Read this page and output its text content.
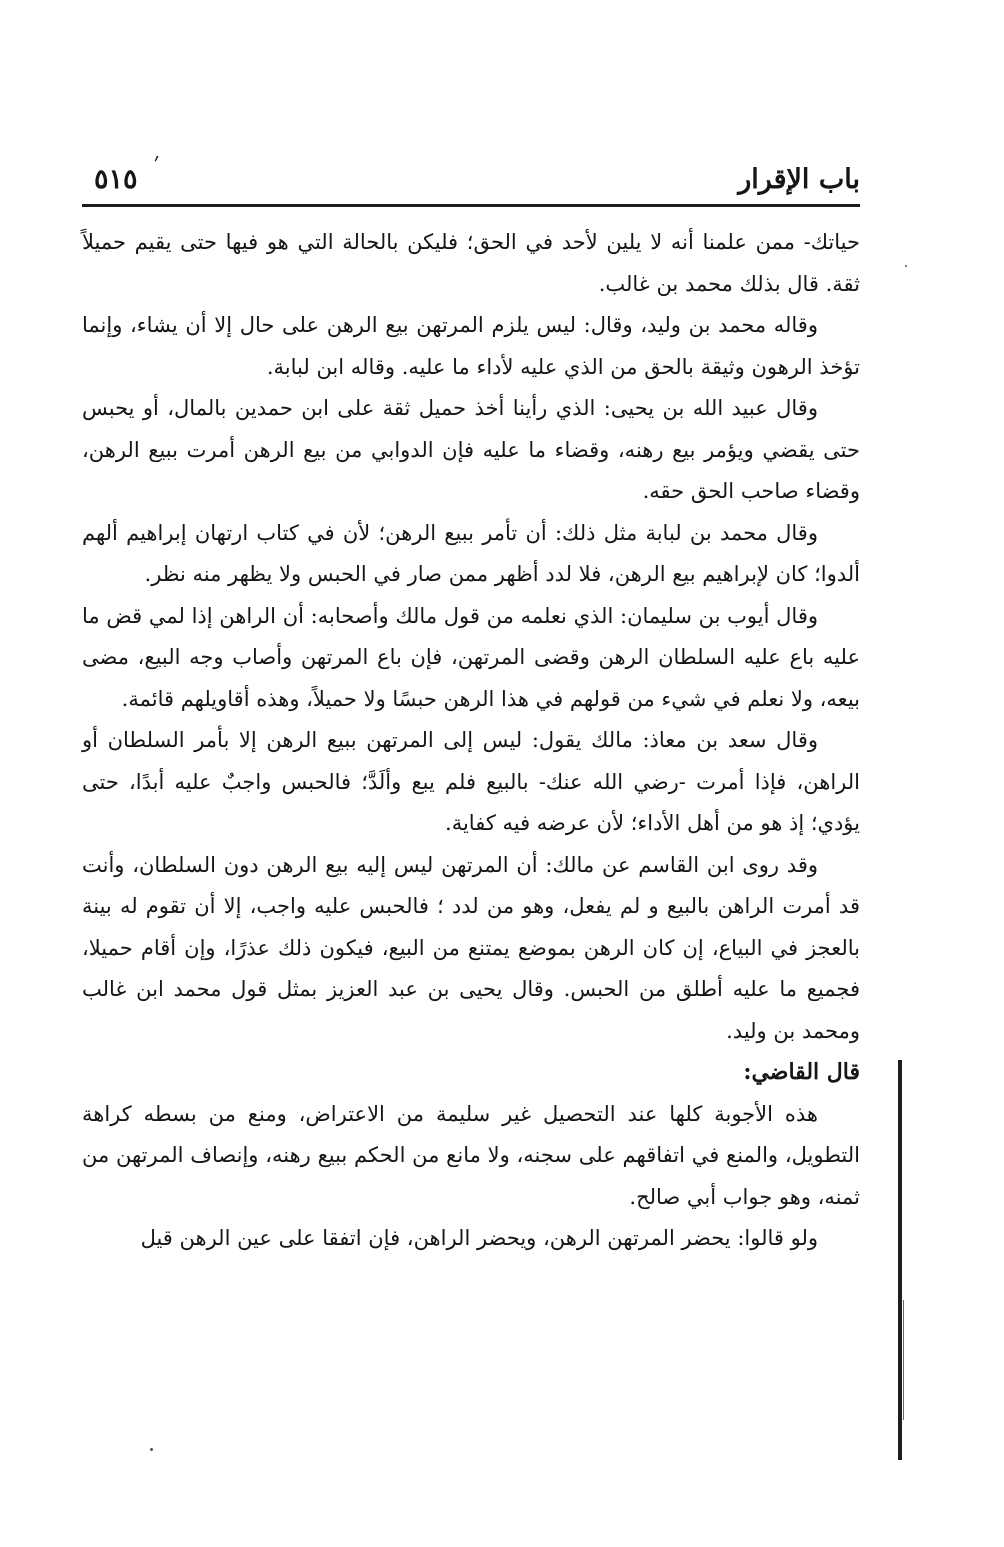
باب الإقرار
٥١٥
׳

حياتك- ممن علمنا أنه لا يلين لأحد في الحق؛ فليكن بالحالة التي هو فيها حتى يقيم حميلاً ثقة. قال بذلك محمد بن غالب.

وقاله محمد بن وليد، وقال: ليس يلزم المرتهن بيع الرهن على حال إلا أن يشاء، وإنما تؤخذ الرهون وثيقة بالحق من الذي عليه لأداء ما عليه. وقاله ابن لبابة.

وقال عبيد الله بن يحيى: الذي رأينا أخذ حميل ثقة على ابن حمدين بالمال، أو يحبس حتى يقضي ويؤمر بيع رهنه، وقضاء ما عليه فإن الدوابي من بيع الرهن أمرت ببيع الرهن، وقضاء صاحب الحق حقه.

وقال محمد بن لبابة مثل ذلك: أن تأمر ببيع الرهن؛ لأن في كتاب ارتهان إبراهيم ألهم ألدوا؛ كان لإبراهيم بيع الرهن، فلا لدد أظهر ممن صار في الحبس ولا يظهر منه نظر.

وقال أيوب بن سليمان: الذي نعلمه من قول مالك وأصحابه: أن الراهن إذا لمي قض ما عليه باع عليه السلطان الرهن وقضى المرتهن، فإن باع المرتهن وأصاب وجه البيع، مضى بيعه، ولا نعلم في شيء من قولهم في هذا الرهن حبسًا ولا حميلاً، وهذه أقاويلهم قائمة.

وقال سعد بن معاذ: مالك يقول: ليس إلى المرتهن ببيع الرهن إلا بأمر السلطان أو الراهن، فإذا أمرت -رضي الله عنك- بالبيع فلم يبع وألَدَّ؛ فالحبس واجبٌ عليه أبدًا، حتى يؤدي؛ إذ هو من أهل الأداء؛ لأن عرضه فيه كفاية.

وقد روى ابن القاسم عن مالك: أن المرتهن ليس إليه بيع الرهن دون السلطان، وأنت قد أمرت الراهن بالبيع و لم يفعل، وهو من لدد ؛ فالحبس عليه واجب، إلا أن تقوم له بينة بالعجز في البياع، إن كان الرهن بموضع يمتنع من البيع، فيكون ذلك عذرًا، وإن أقام حميلا، فجميع ما عليه أطلق من الحبس. وقال يحيى بن عبد العزيز بمثل قول محمد ابن غالب ومحمد بن وليد.

قال القاضي:

هذه الأجوبة كلها عند التحصيل غير سليمة من الاعتراض، ومنع من بسطه كراهة التطويل، والمنع في اتفاقهم على سجنه، ولا مانع من الحكم ببيع رهنه، وإنصاف المرتهن من ثمنه، وهو جواب أبي صالح.

ولو قالوا: يحضر المرتهن الرهن، ويحضر الراهن، فإن اتفقا على عين الرهن قيل
